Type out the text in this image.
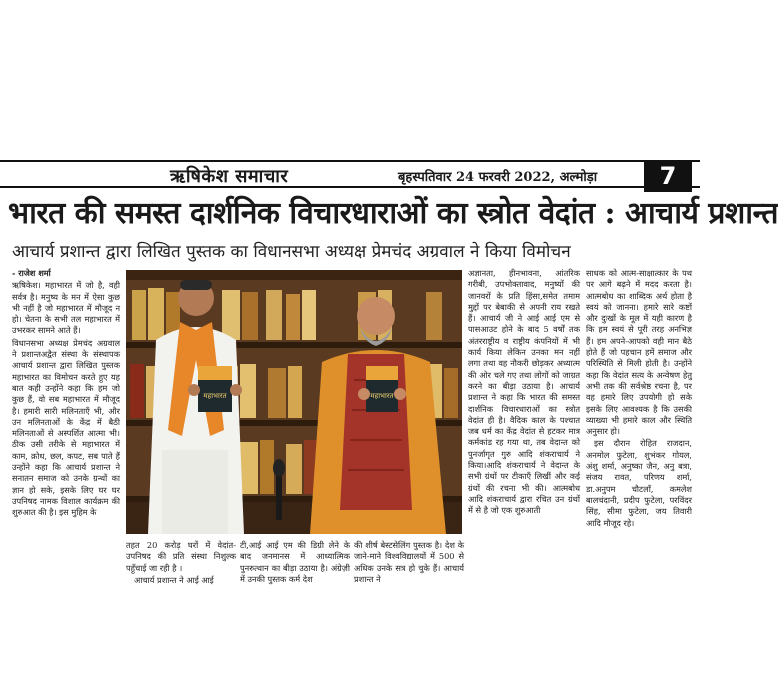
ऋषिकेश समाचार	बृहस्पतिवार 24 फरवरी 2022, अल्मोड़ा	7
भारत की समस्त दार्शनिक विचारधाराओं का स्त्रोत वेदांत : आचार्य प्रशान्त
आचार्य प्रशान्त द्वारा लिखित पुस्तक का विधानसभा अध्यक्ष प्रेमचंद अग्रवाल ने किया विमोचन

- राजेश शर्मा

ऋषिकेश। महाभारत में जो है, वही सर्वत्र है। मनुष्य के मन में ऐसा कुछ भी नहीं है जो महाभारत में मौजूद न हो। चेतना के सभी तल महाभारत में उभरकर सामने आते हैं।

विधानसभा अध्यक्ष प्रेमचंद अग्रवाल ने प्रशान्तअद्वैत संस्था के संस्थापक आचार्य प्रशान्त द्वारा लिखित पुस्तक महाभारत का विमोचन करते हुए यह बात कही उन्होंने कहा कि हम जो कुछ हैं, वो सब महाभारत में मौजूद है। हमारी सारी मलिनताएँ भी, और उन मलिनताओं के केंद्र में बैठी मलिनताओं से अस्पर्शित आत्मा भी। ठीक उसी तरीके से महाभारत में काम, क्रोध, छल, कपट, सब पाते हैं उन्होंने कहा कि आचार्य प्रशान्त ने सनातन समाज को उनके ग्रन्थों का ज्ञान हो सके, इसके लिए घर घर उपनिषद नामक विशाल कार्यक्रम की शुरुआत की है। इस मुहिम के

महाभारत	महाभारत

तहत 20 करोड़ घरों में वेदांत-उपनिषद की प्रति संस्था निशुल्क पहुँचाई जा रही है ।

आचार्य प्रशान्त ने आई आई

टी,आई आई एम की डिग्री लेने के बाद जनमानस में आध्यात्मिक पुनरुत्थान का बीड़ा उठाया है। अंग्रेज़ी में उनकी पुस्तक कर्म देश

की शीर्ष बेस्टसेलिंग पुस्तक है। देश के जाने-माने विश्वविद्यालयों में 500 से अधिक उनके सत्र हो चुके हैं। आचार्य प्रशान्त ने

अज्ञानता, हीनभावना, आंतरिक गरीबी, उपभोक्तावाद, मनुष्यों की जानवरों के प्रति हिंसा,समेत तमाम मुद्दों पर बेबाकी से अपनी राय रखते हैं। आचार्य जी ने आई आई एम से पासआउट होने के बाद 5 वर्षों तक अंतरराष्ट्रीय व राष्ट्रीय कंपनियों में भी कार्य किया लेकिन उनका मन नहीं लगा तथा वह नौकरी छोड़कर अध्यात्म की ओर चले गए तथा लोगों को जाग्रत करने का बीड़ा उठाया है। आचार्य प्रशान्त ने कहा कि भारत की समस्त दार्शनिक विचारधाराओं का स्त्रोत वेदांत ही है। वैदिक काल के पश्चात जब धर्म का केंद्र वेदांत से हटकर मात्र कर्मकांड रह गया था, तब वेदान्त को पुनर्जागृत गुरु आदि शंकराचार्य ने किया।आदि शंकराचार्य ने वेदान्त के सभी ग्रंथों पर टीकाएँ लिखीं और कई ग्रंथों की रचना भी की। आत्मबोध आदि शंकराचार्य द्वारा रचित उन ग्रंथों में से है जो एक शुरुआती

साधक को आत्म-साक्षात्कार के पथ पर आगे बढ़ने में मदद करता है।आत्मबोध का शाब्दिक अर्थ होता है स्वयं को जानना। हमारे सारे कष्टों और दुःखों के मूल में यही कारण है कि हम स्वयं से पूरी तरह अनभिज्ञ हैं। हम अपने-आपको वही मान बैठे होते हैं जो पहचान हमें समाज और परिस्थिति से मिली होती है। उन्होंने कहा कि वेदांत सत्य के अन्वेषण हेतु अभी तक की सर्वश्रेष्ठ रचना है, पर वह हमारे लिए उपयोगी हो सके इसके लिए आवश्यक है कि उसकी व्याख्या भी हमारे काल और स्थिति अनुसार हो।

इस दौरान रोहित राजदान, अनमोल फुटेला, शुभंकर गोयल, अंशु शर्मा, अनुष्का जैन, अनु बत्रा, संजय रावत, परिणय शर्मा, डा.अनुपम चौटलाँ, कमलेश बालचंदानी, प्रदीप फुटेला, परविंदर सिंह, सीमा फुटेला, जय तिवारी आदि मौजूद रहे।
